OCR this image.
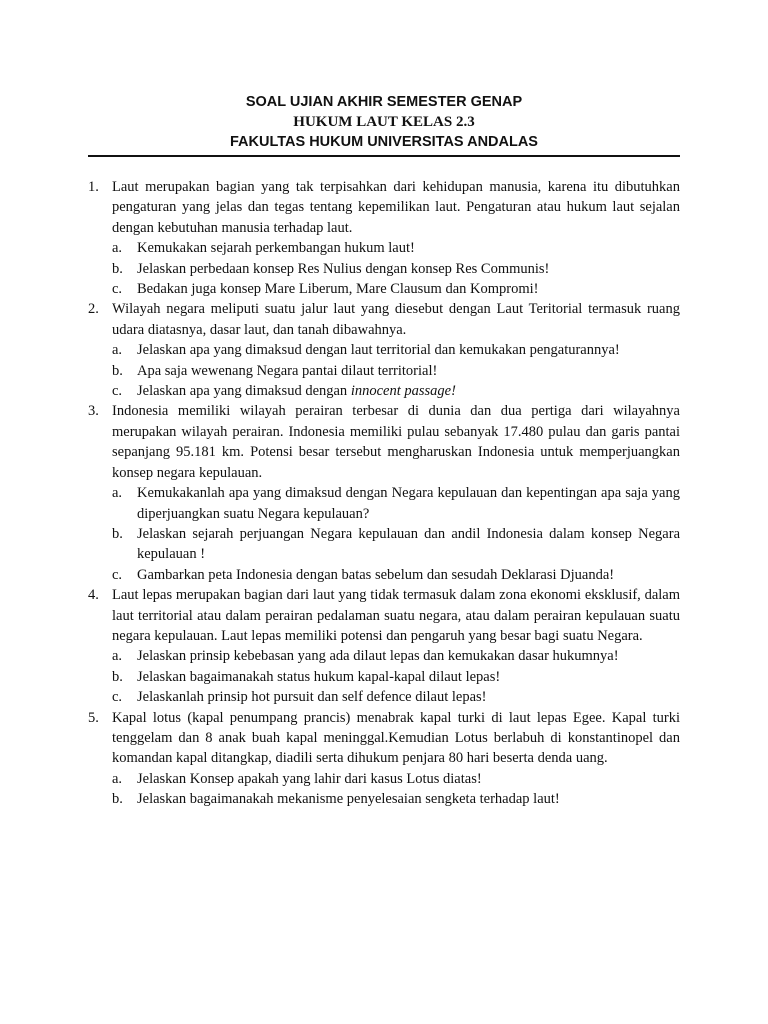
SOAL UJIAN AKHIR SEMESTER GENAP
HUKUM LAUT KELAS 2.3
FAKULTAS HUKUM UNIVERSITAS ANDALAS
1. Laut merupakan bagian yang tak terpisahkan dari kehidupan manusia, karena itu dibutuhkan pengaturan yang jelas dan tegas tentang kepemilikan laut. Pengaturan atau hukum laut sejalan dengan kebutuhan manusia terhadap laut.
a.	Kemukakan sejarah perkembangan hukum laut!
b. Jelaskan perbedaan konsep Res Nulius dengan konsep Res Communis!
c.	Bedakan juga konsep Mare Liberum, Mare Clausum dan Kompromi!
2. Wilayah negara meliputi suatu jalur laut yang diesebut dengan Laut Teritorial termasuk ruang udara diatasnya, dasar laut, dan tanah dibawahnya.
a.	Jelaskan apa yang dimaksud dengan laut territorial dan kemukakan pengaturannya!
b. Apa saja wewenang Negara pantai dilaut territorial!
c.	Jelaskan apa yang dimaksud dengan innocent passage!
3. Indonesia memiliki wilayah perairan terbesar di dunia dan dua pertiga dari wilayahnya merupakan wilayah perairan. Indonesia memiliki pulau sebanyak 17.480 pulau dan garis pantai sepanjang 95.181 km. Potensi besar tersebut mengharuskan Indonesia untuk memperjuangkan konsep negara kepulauan.
a.	Kemukakanlah apa yang dimaksud dengan Negara kepulauan dan kepentingan apa saja yang diperjuangkan suatu Negara kepulauan?
b. Jelaskan sejarah perjuangan Negara kepulauan dan andil Indonesia dalam konsep Negara kepulauan !
c.	Gambarkan peta Indonesia dengan batas sebelum dan sesudah Deklarasi Djuanda!
4. Laut lepas merupakan bagian dari laut yang tidak termasuk dalam zona ekonomi eksklusif, dalam laut territorial atau dalam perairan pedalaman suatu negara, atau dalam perairan kepulauan suatu negara kepulauan. Laut lepas memiliki potensi dan pengaruh yang besar bagi suatu Negara.
a.	Jelaskan prinsip kebebasan yang ada dilaut lepas dan kemukakan dasar hukumnya!
b. Jelaskan bagaimanakah status hukum kapal-kapal dilaut lepas!
c.	Jelaskanlah prinsip hot pursuit dan self defence dilaut lepas!
5. Kapal lotus (kapal penumpang prancis) menabrak kapal turki di laut lepas Egee. Kapal turki tenggelam dan 8 anak buah kapal meninggal.Kemudian Lotus berlabuh di konstantinopel dan komandan kapal ditangkap, diadili serta dihukum penjara 80 hari beserta denda uang.
a.	Jelaskan Konsep apakah yang lahir dari kasus Lotus diatas!
b. Jelaskan bagaimanakah mekanisme penyelesaian sengketa terhadap laut!
